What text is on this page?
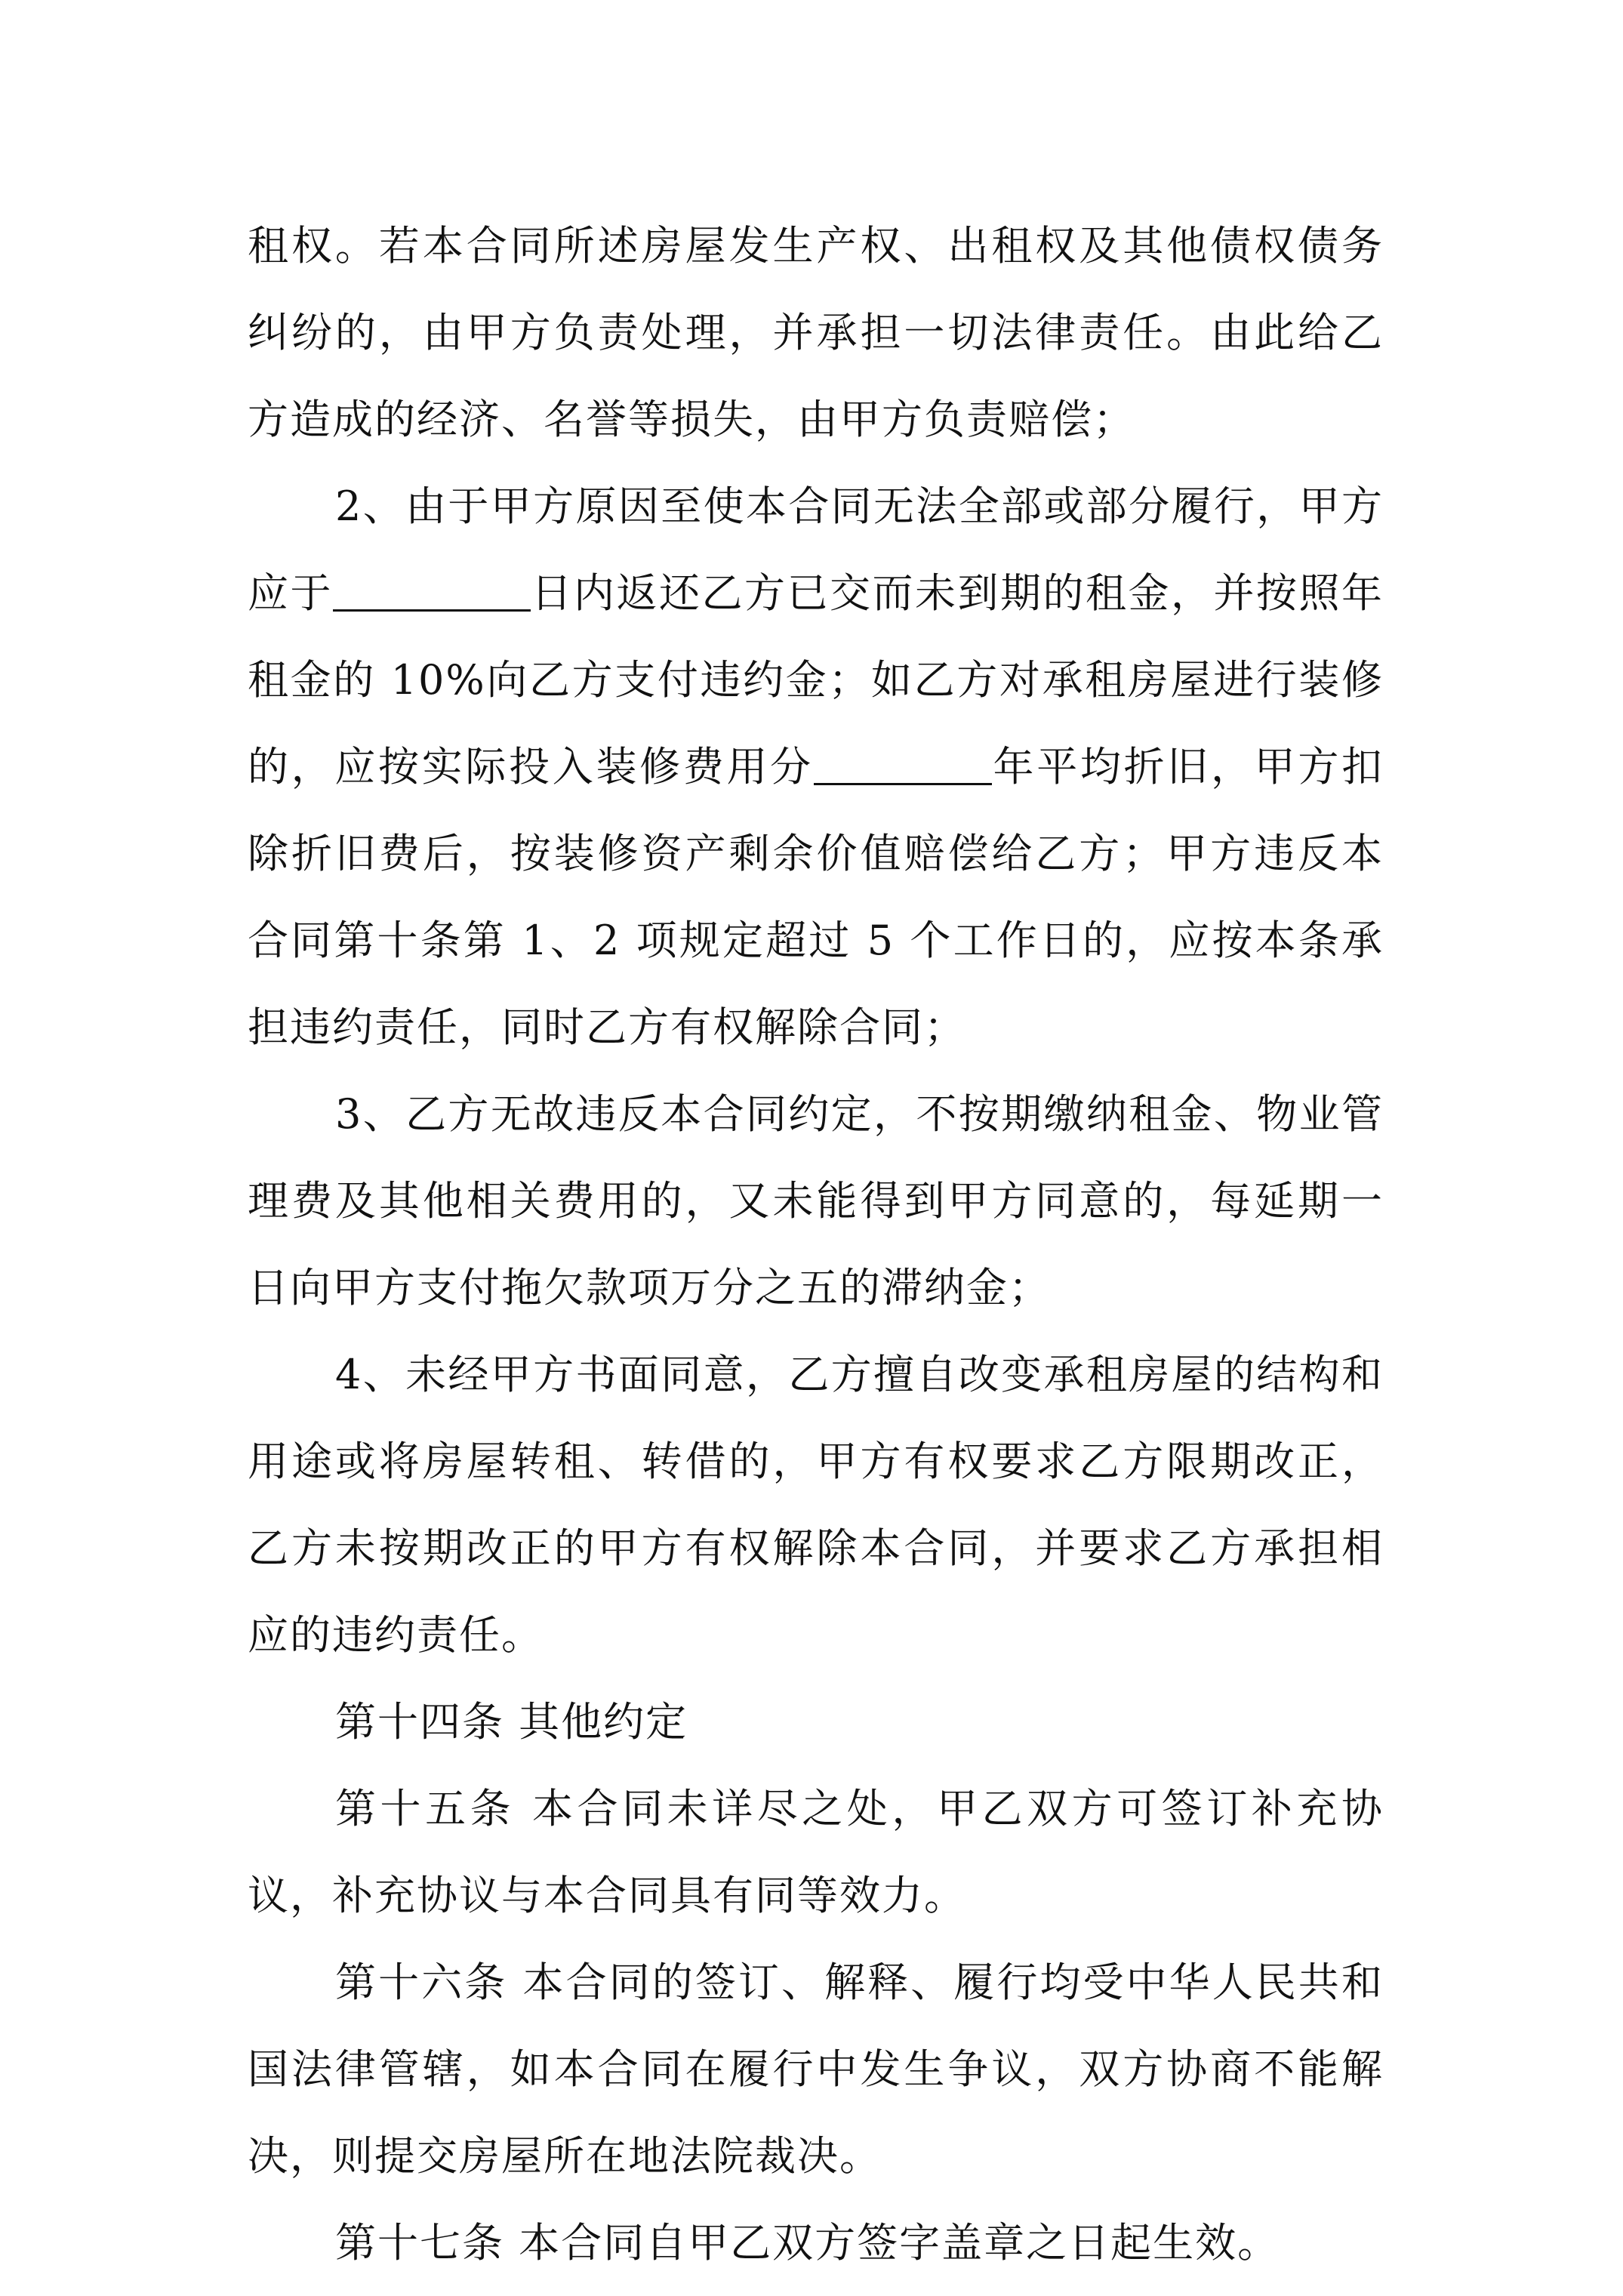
租权。若本合同所述房屋发生产权、出租权及其他债权债务纠纷的，由甲方负责处理，并承担一切法律责任。由此给乙方造成的经济、名誉等损失，由甲方负责赔偿；

2、由于甲方原因至使本合同无法全部或部分履行，甲方应于	日内返还乙方已交而未到期的租金，并按照年租金的 10%向乙方支付违约金；如乙方对承租房屋进行装修的，应按实际投入装修费用分	年平均折旧，甲方扣除折旧费后，按装修资产剩余价值赔偿给乙方；甲方违反本合同第十条第 1、2 项规定超过 5 个工作日的，应按本条承担违约责任，同时乙方有权解除合同；

3、乙方无故违反本合同约定，不按期缴纳租金、物业管理费及其他相关费用的，又未能得到甲方同意的，每延期一日向甲方支付拖欠款项万分之五的滞纳金；

4、未经甲方书面同意，乙方擅自改变承租房屋的结构和用途或将房屋转租、转借的，甲方有权要求乙方限期改正，乙方未按期改正的甲方有权解除本合同，并要求乙方承担相应的违约责任。

第十四条 其他约定

第十五条 本合同未详尽之处，甲乙双方可签订补充协议，补充协议与本合同具有同等效力。

第十六条 本合同的签订、解释、履行均受中华人民共和国法律管辖，如本合同在履行中发生争议，双方协商不能解决，则提交房屋所在地法院裁决。

第十七条 本合同自甲乙双方签字盖章之日起生效。
